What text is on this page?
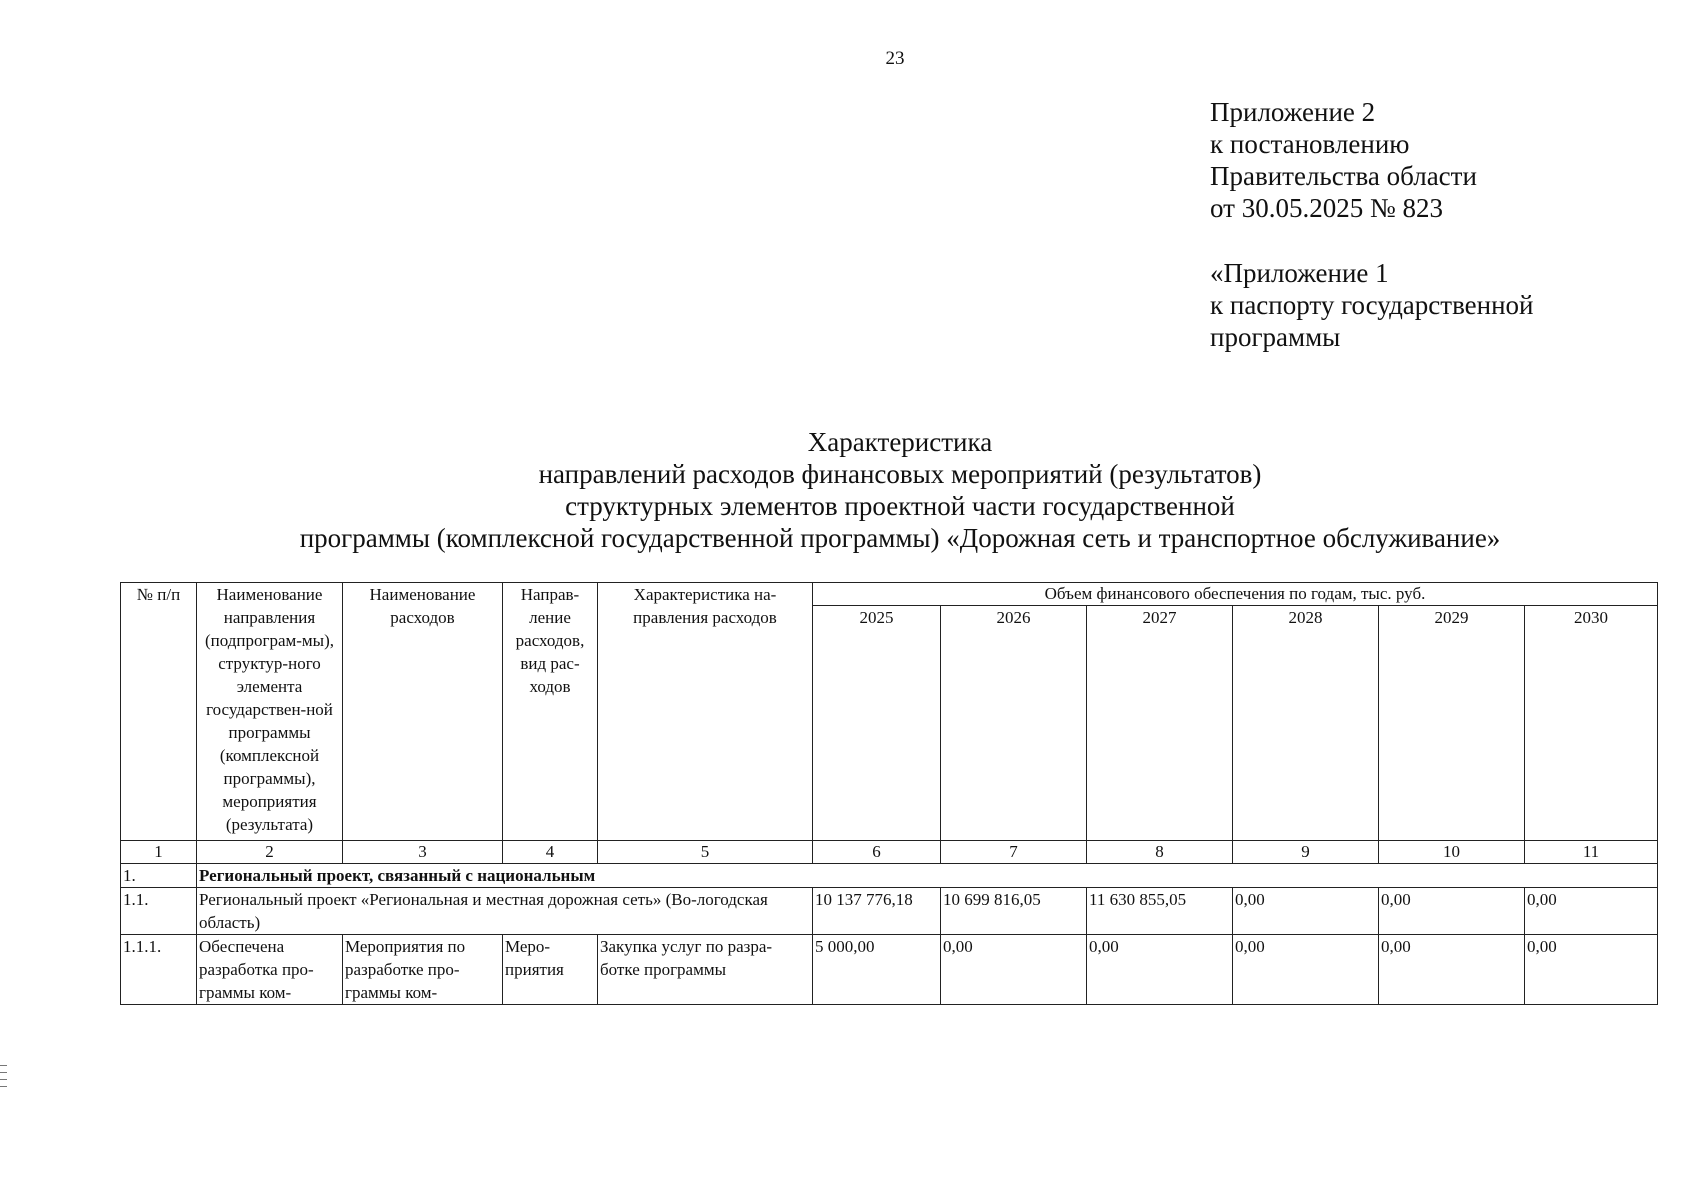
23
Приложение 2
к постановлению
Правительства области
от 30.05.2025 № 823
«Приложение 1
к паспорту государственной
программы
Характеристика
направлений расходов финансовых мероприятий (результатов)
структурных элементов проектной части государственной
программы (комплексной государственной программы) «Дорожная сеть и транспортное обслуживание»
№ п/п	Наименование направления (подпрограм-мы), структур-ного элемента государствен-ной программы (комплексной программы), мероприятия (результата)	Наименование расходов	Направ-ление расходов, вид рас-ходов	Характеристика на-правления расходов	Объем финансового обеспечения по годам, тыс. руб.					
					2025	2026	2027	2028	2029	2030
1	2	3	4	5	6	7	8	9	10	11
1.	Региональный проект, связанный с национальным									
1.1.	Региональный проект «Региональная и местная дорожная сеть» (Во-логодская область)				10 137 776,18	10 699 816,05	11 630 855,05	0,00	0,00	0,00
1.1.1.	Обеспечена разработка про-граммы ком-	Мероприятия по разработке про-граммы ком-	Меро-приятия	Закупка услуг по разра-ботке программы	5 000,00	0,00	0,00	0,00	0,00	0,00
